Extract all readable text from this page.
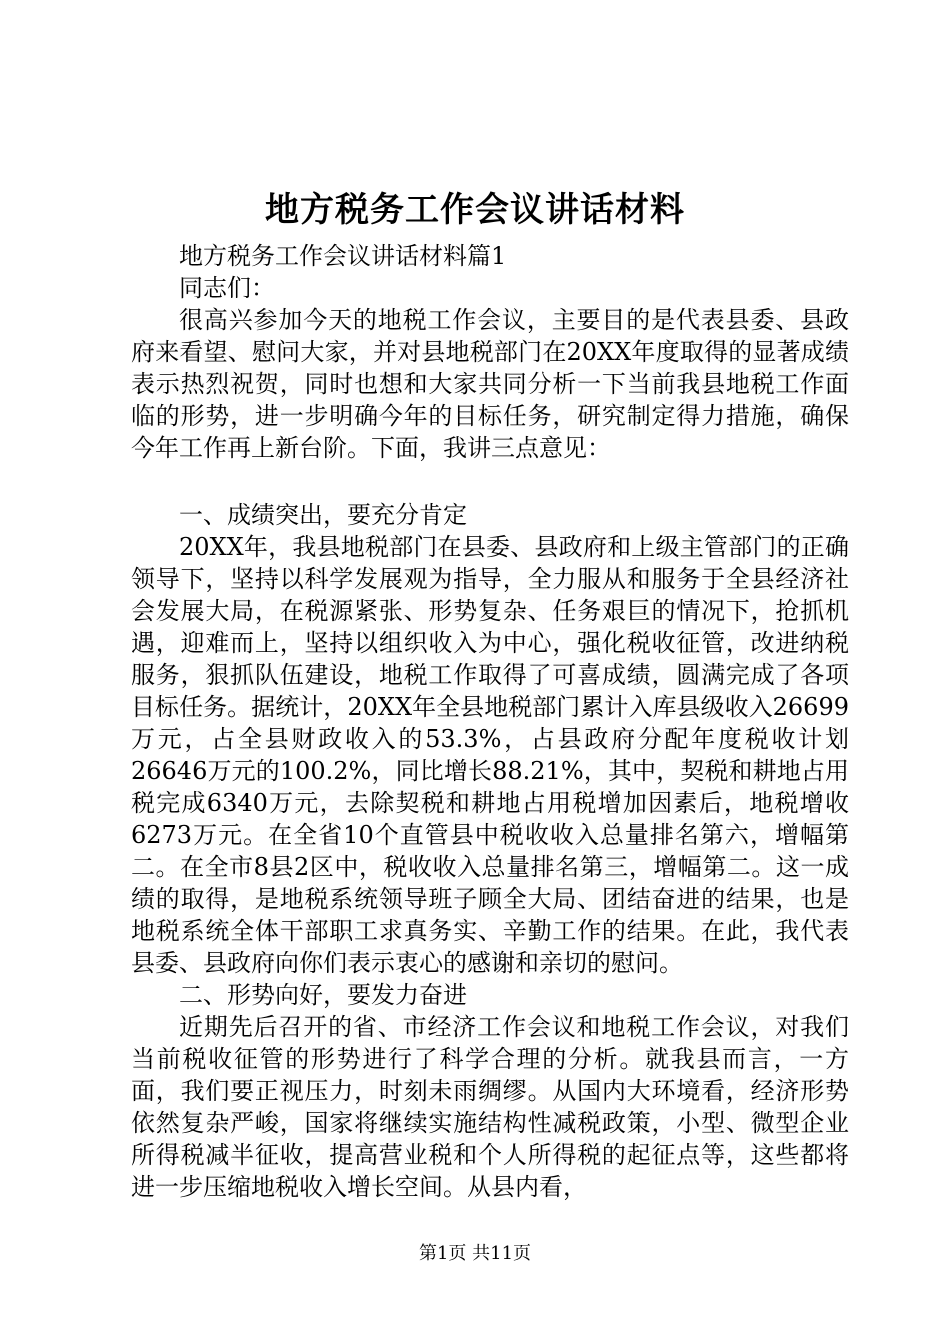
地方税务工作会议讲话材料

地方税务工作会议讲话材料篇1

同志们：

很高兴参加今天的地税工作会议，主要目的是代表县委、县政府来看望、慰问大家，并对县地税部门在20XX年度取得的显著成绩表示热烈祝贺，同时也想和大家共同分析一下当前我县地税工作面临的形势，进一步明确今年的目标任务，研究制定得力措施，确保今年工作再上新台阶。下面，我讲三点意见：

一、成绩突出，要充分肯定

20XX年，我县地税部门在县委、县政府和上级主管部门的正确领导下，坚持以科学发展观为指导，全力服从和服务于全县经济社会发展大局，在税源紧张、形势复杂、任务艰巨的情况下，抢抓机遇，迎难而上，坚持以组织收入为中心，强化税收征管，改进纳税服务，狠抓队伍建设，地税工作取得了可喜成绩，圆满完成了各项目标任务。据统计，20XX年全县地税部门累计入库县级收入26699万元，占全县财政收入的53.3%，占县政府分配年度税收计划26646万元的100.2%，同比增长88.21%，其中，契税和耕地占用税完成6340万元，去除契税和耕地占用税增加因素后，地税增收6273万元。在全省10个直管县中税收收入总量排名第六，增幅第二。在全市8县2区中，税收收入总量排名第三，增幅第二。这一成绩的取得，是地税系统领导班子顾全大局、团结奋进的结果，也是地税系统全体干部职工求真务实、辛勤工作的结果。在此，我代表县委、县政府向你们表示衷心的感谢和亲切的慰问。

二、形势向好，要发力奋进

近期先后召开的省、市经济工作会议和地税工作会议，对我们当前税收征管的形势进行了科学合理的分析。就我县而言，一方面，我们要正视压力，时刻未雨绸缪。从国内大环境看，经济形势依然复杂严峻，国家将继续实施结构性减税政策，小型、微型企业所得税减半征收，提高营业税和个人所得税的起征点等，这些都将进一步压缩地税收入增长空间。从县内看，

第1页 共11页
